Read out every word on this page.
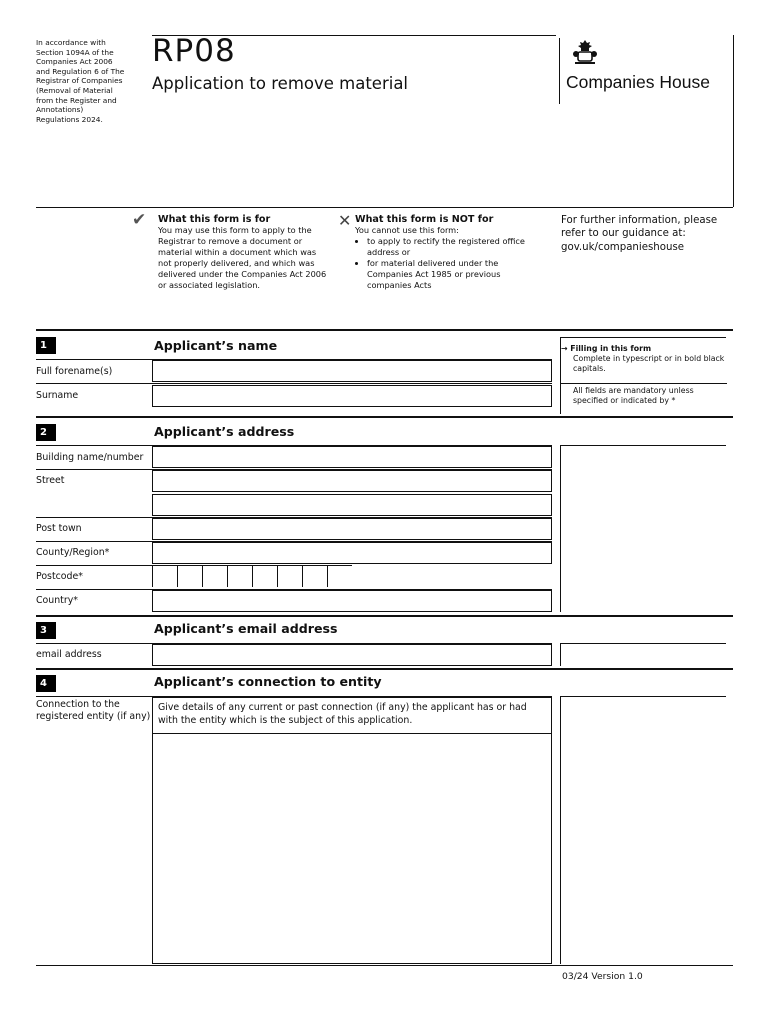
In accordance with Section 1094A of the Companies Act 2006 and Regulation 6 of The Registrar of Companies (Removal of Material from the Register and Annotations) Regulations 2024.
RP08
Application to remove material	Companies House
✔ What this form is for

You may use this form to apply to the Registrar to remove a document or material within a document which was not properly delivered, and which was delivered under the Companies Act 2006 or associated legislation.

✕ What this form is NOT for

You cannot use this form:

• to apply to rectify the registered office address or
• for material delivered under the Companies Act 1985 or previous companies Acts
For further information, please refer to our guidance at: gov.uk/companieshouse
1	Applicant’s name
Full forename(s)
Surname
→ Filling in this form
Complete in typescript or in bold black capitals.
All fields are mandatory unless specified or indicated by *
2	Applicant’s address
Building name/number
Street
Post town
County/Region*
Postcode*
Country*
3	Applicant’s email address
email address
4	Applicant’s connection to entity
Connection to the registered entity (if any)
Give details of any current or past connection (if any) the applicant has or had with the entity which is the subject of this application.
03/24 Version 1.0
